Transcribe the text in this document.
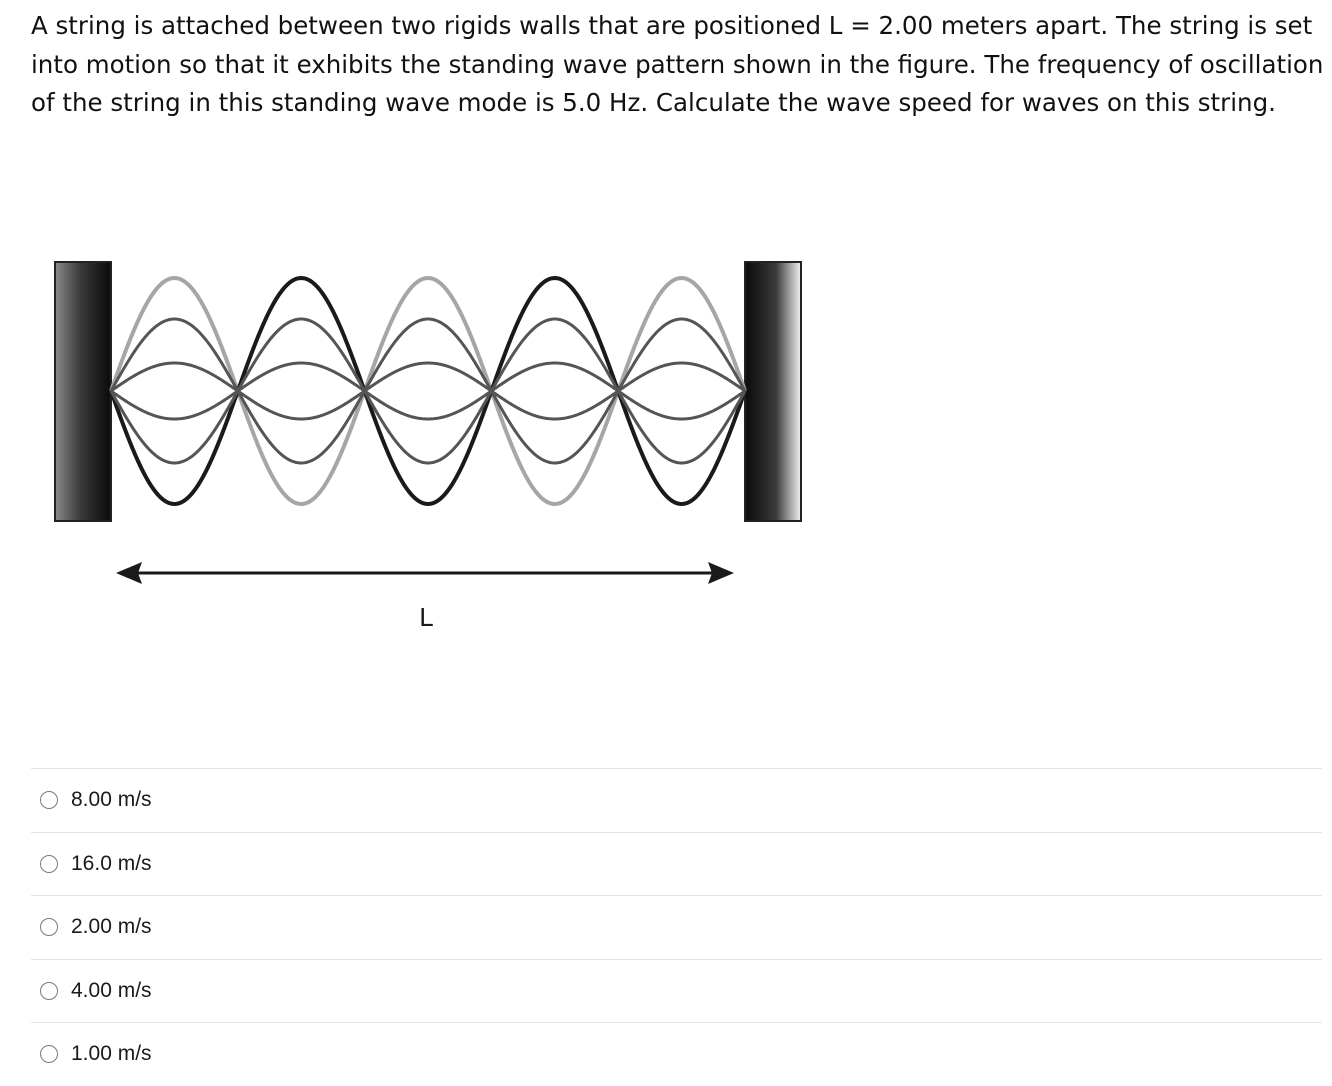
A string is attached between two rigids walls that are positioned L = 2.00 meters apart. The string is set into motion so that it exhibits the standing wave pattern shown in the figure. The frequency of oscillation of the string in this standing wave mode is 5.0 Hz. Calculate the wave speed for waves on this string.
L
8.00 m/s
16.0 m/s
2.00 m/s
4.00 m/s
1.00 m/s
